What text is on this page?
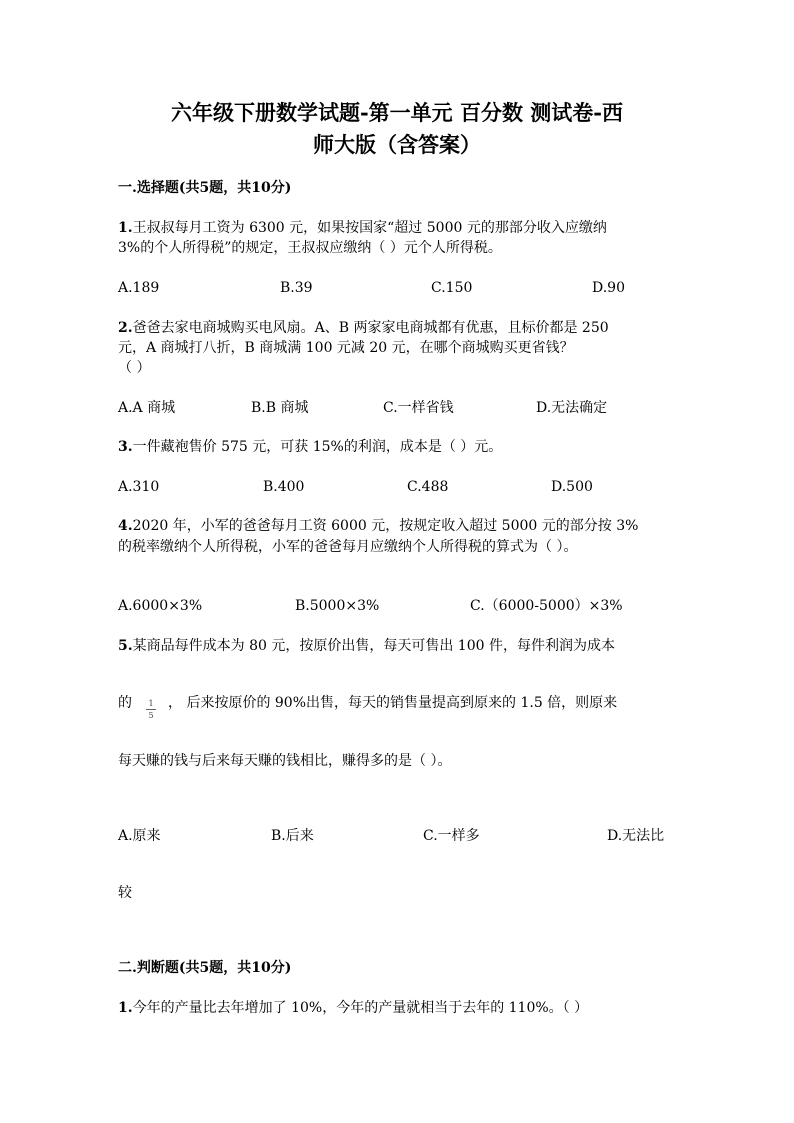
六年级下册数学试题-第一单元 百分数 测试卷-西
师大版（含答案）
一.选择题(共5题，共10分)
1.王叔叔每月工资为 6300 元，如果按国家“超过 5000 元的那部分收入应缴纳
3%的个人所得税”的规定，王叔叔应缴纳（ ）元个人所得税。
A.189	B.39	C.150	D.90
2.爸爸去家电商城购买电风扇。A、B 两家家电商城都有优惠，且标价都是 250
元，A 商城打八折，B 商城满 100 元减 20 元，在哪个商城购买更省钱？
（ ）
A.A 商城	B.B 商城	C.一样省钱	D.无法确定
3.一件藏袍售价 575 元，可获 15%的利润，成本是（ ）元。
A.310	B.400	C.488	D.500
4.2020 年，小军的爸爸每月工资 6000 元，按规定收入超过 5000 元的部分按 3%
的税率缴纳个人所得税，小军的爸爸每月应缴纳个人所得税的算式为（ ）。
A.6000×3%	B.5000×3%	C.（6000-5000）×3%
5.某商品每件成本为 80 元，按原价出售，每天可售出 100 件，每件利润为成本
的	1
5
， 后来按原价的 90%出售，每天的销售量提高到原来的 1.5 倍，则原来
每天赚的钱与后来每天赚的钱相比，赚得多的是（ ）。
A.原来	B.后来	C.一样多	D.无法比
较
二.判断题(共5题，共10分)
1.今年的产量比去年增加了 10%，今年的产量就相当于去年的 110%。（ ）
